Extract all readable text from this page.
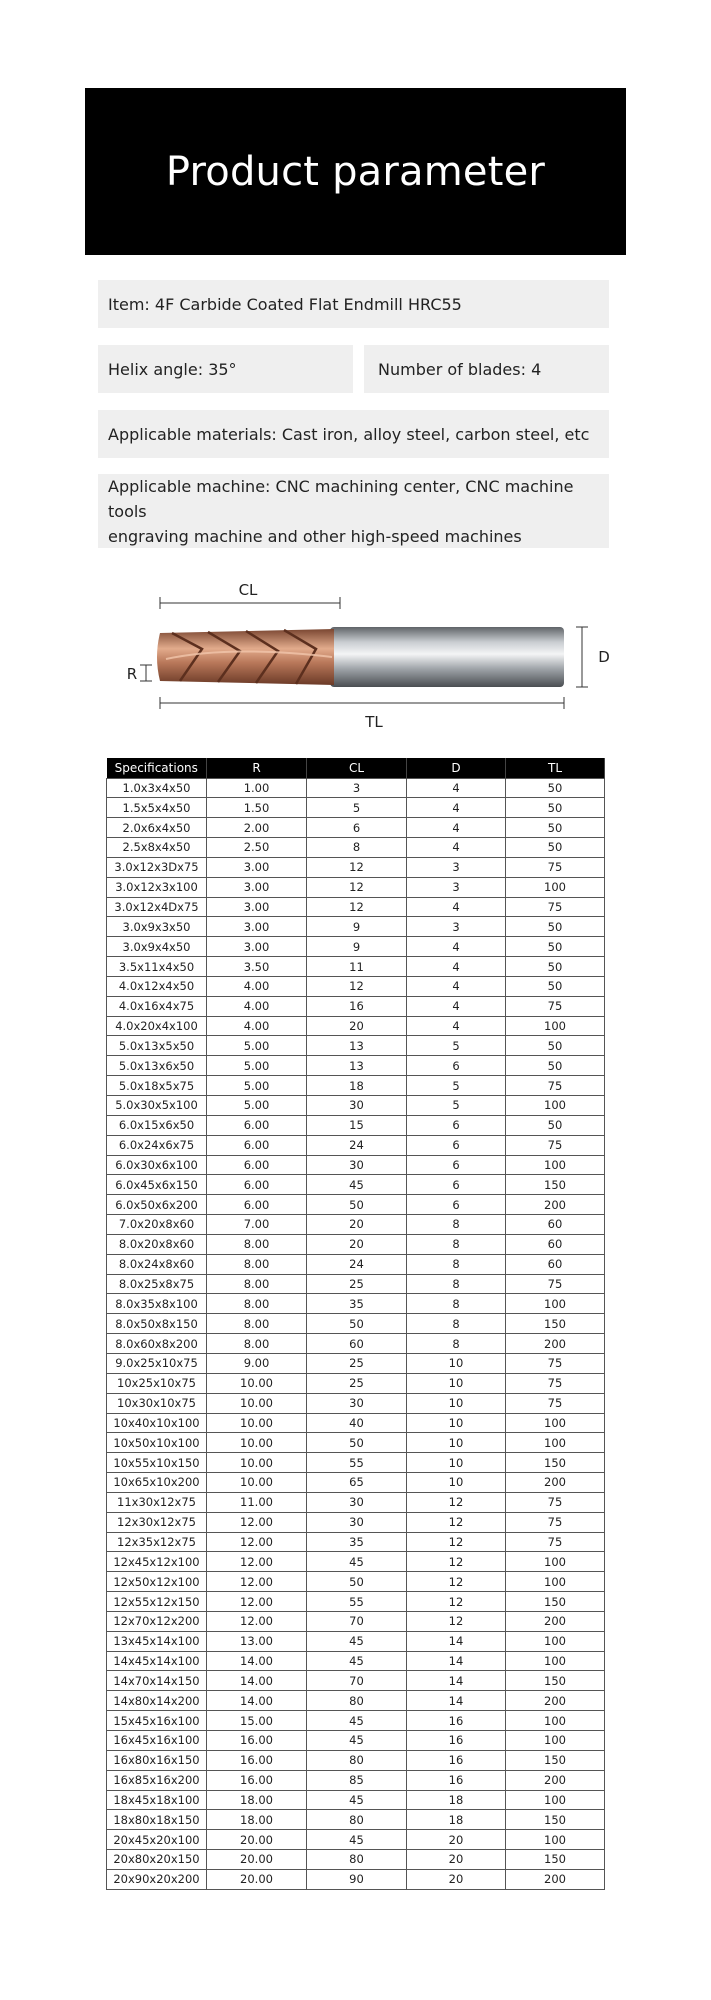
Product parameter
Item: 4F Carbide Coated Flat Endmill HRC55
Helix angle: 35°	Number of blades: 4
Applicable materials: Cast iron, alloy steel, carbon steel, etc
Applicable machine: CNC machining center, CNC machine tools
engraving machine and other high-speed machines
CL
R
D
TL
Specifications	R	CL	D	TL
1.0x3x4x50	1.00	3	4	50
1.5x5x4x50	1.50	5	4	50
2.0x6x4x50	2.00	6	4	50
2.5x8x4x50	2.50	8	4	50
3.0x12x3Dx75	3.00	12	3	75
3.0x12x3x100	3.00	12	3	100
3.0x12x4Dx75	3.00	12	4	75
3.0x9x3x50	3.00	9	3	50
3.0x9x4x50	3.00	9	4	50
3.5x11x4x50	3.50	11	4	50
4.0x12x4x50	4.00	12	4	50
4.0x16x4x75	4.00	16	4	75
4.0x20x4x100	4.00	20	4	100
5.0x13x5x50	5.00	13	5	50
5.0x13x6x50	5.00	13	6	50
5.0x18x5x75	5.00	18	5	75
5.0x30x5x100	5.00	30	5	100
6.0x15x6x50	6.00	15	6	50
6.0x24x6x75	6.00	24	6	75
6.0x30x6x100	6.00	30	6	100
6.0x45x6x150	6.00	45	6	150
6.0x50x6x200	6.00	50	6	200
7.0x20x8x60	7.00	20	8	60
8.0x20x8x60	8.00	20	8	60
8.0x24x8x60	8.00	24	8	60
8.0x25x8x75	8.00	25	8	75
8.0x35x8x100	8.00	35	8	100
8.0x50x8x150	8.00	50	8	150
8.0x60x8x200	8.00	60	8	200
9.0x25x10x75	9.00	25	10	75
10x25x10x75	10.00	25	10	75
10x30x10x75	10.00	30	10	75
10x40x10x100	10.00	40	10	100
10x50x10x100	10.00	50	10	100
10x55x10x150	10.00	55	10	150
10x65x10x200	10.00	65	10	200
11x30x12x75	11.00	30	12	75
12x30x12x75	12.00	30	12	75
12x35x12x75	12.00	35	12	75
12x45x12x100	12.00	45	12	100
12x50x12x100	12.00	50	12	100
12x55x12x150	12.00	55	12	150
12x70x12x200	12.00	70	12	200
13x45x14x100	13.00	45	14	100
14x45x14x100	14.00	45	14	100
14x70x14x150	14.00	70	14	150
14x80x14x200	14.00	80	14	200
15x45x16x100	15.00	45	16	100
16x45x16x100	16.00	45	16	100
16x80x16x150	16.00	80	16	150
16x85x16x200	16.00	85	16	200
18x45x18x100	18.00	45	18	100
18x80x18x150	18.00	80	18	150
20x45x20x100	20.00	45	20	100
20x80x20x150	20.00	80	20	150
20x90x20x200	20.00	90	20	200
